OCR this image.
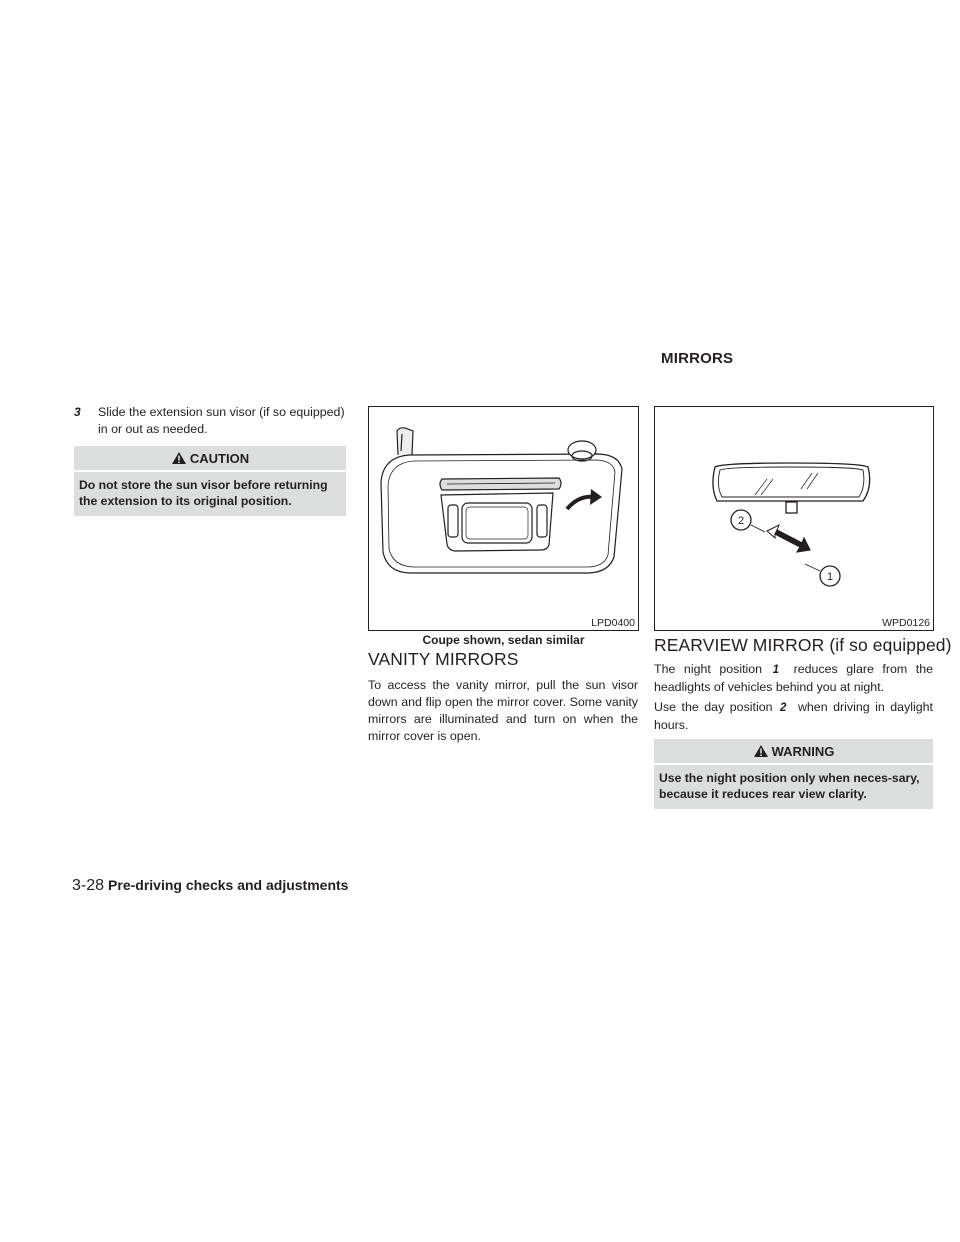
MIRRORS
3	Slide the extension sun visor (if so equipped) in or out as needed.
CAUTION
Do not store the sun visor before returning the extension to its original position.
LPD0400
Coupe shown, sedan similar
VANITY MIRRORS
To access the vanity mirror, pull the sun visor down and flip open the mirror cover. Some vanity mirrors are illuminated and turn on when the mirror cover is open.
2
1
WPD0126
REARVIEW MIRROR (if so equipped)
The night position 1 reduces glare from the headlights of vehicles behind you at night.
Use the day position 2 when driving in daylight hours.
WARNING
Use the night position only when neces-sary, because it reduces rear view clarity.
3-28 Pre-driving checks and adjustments
